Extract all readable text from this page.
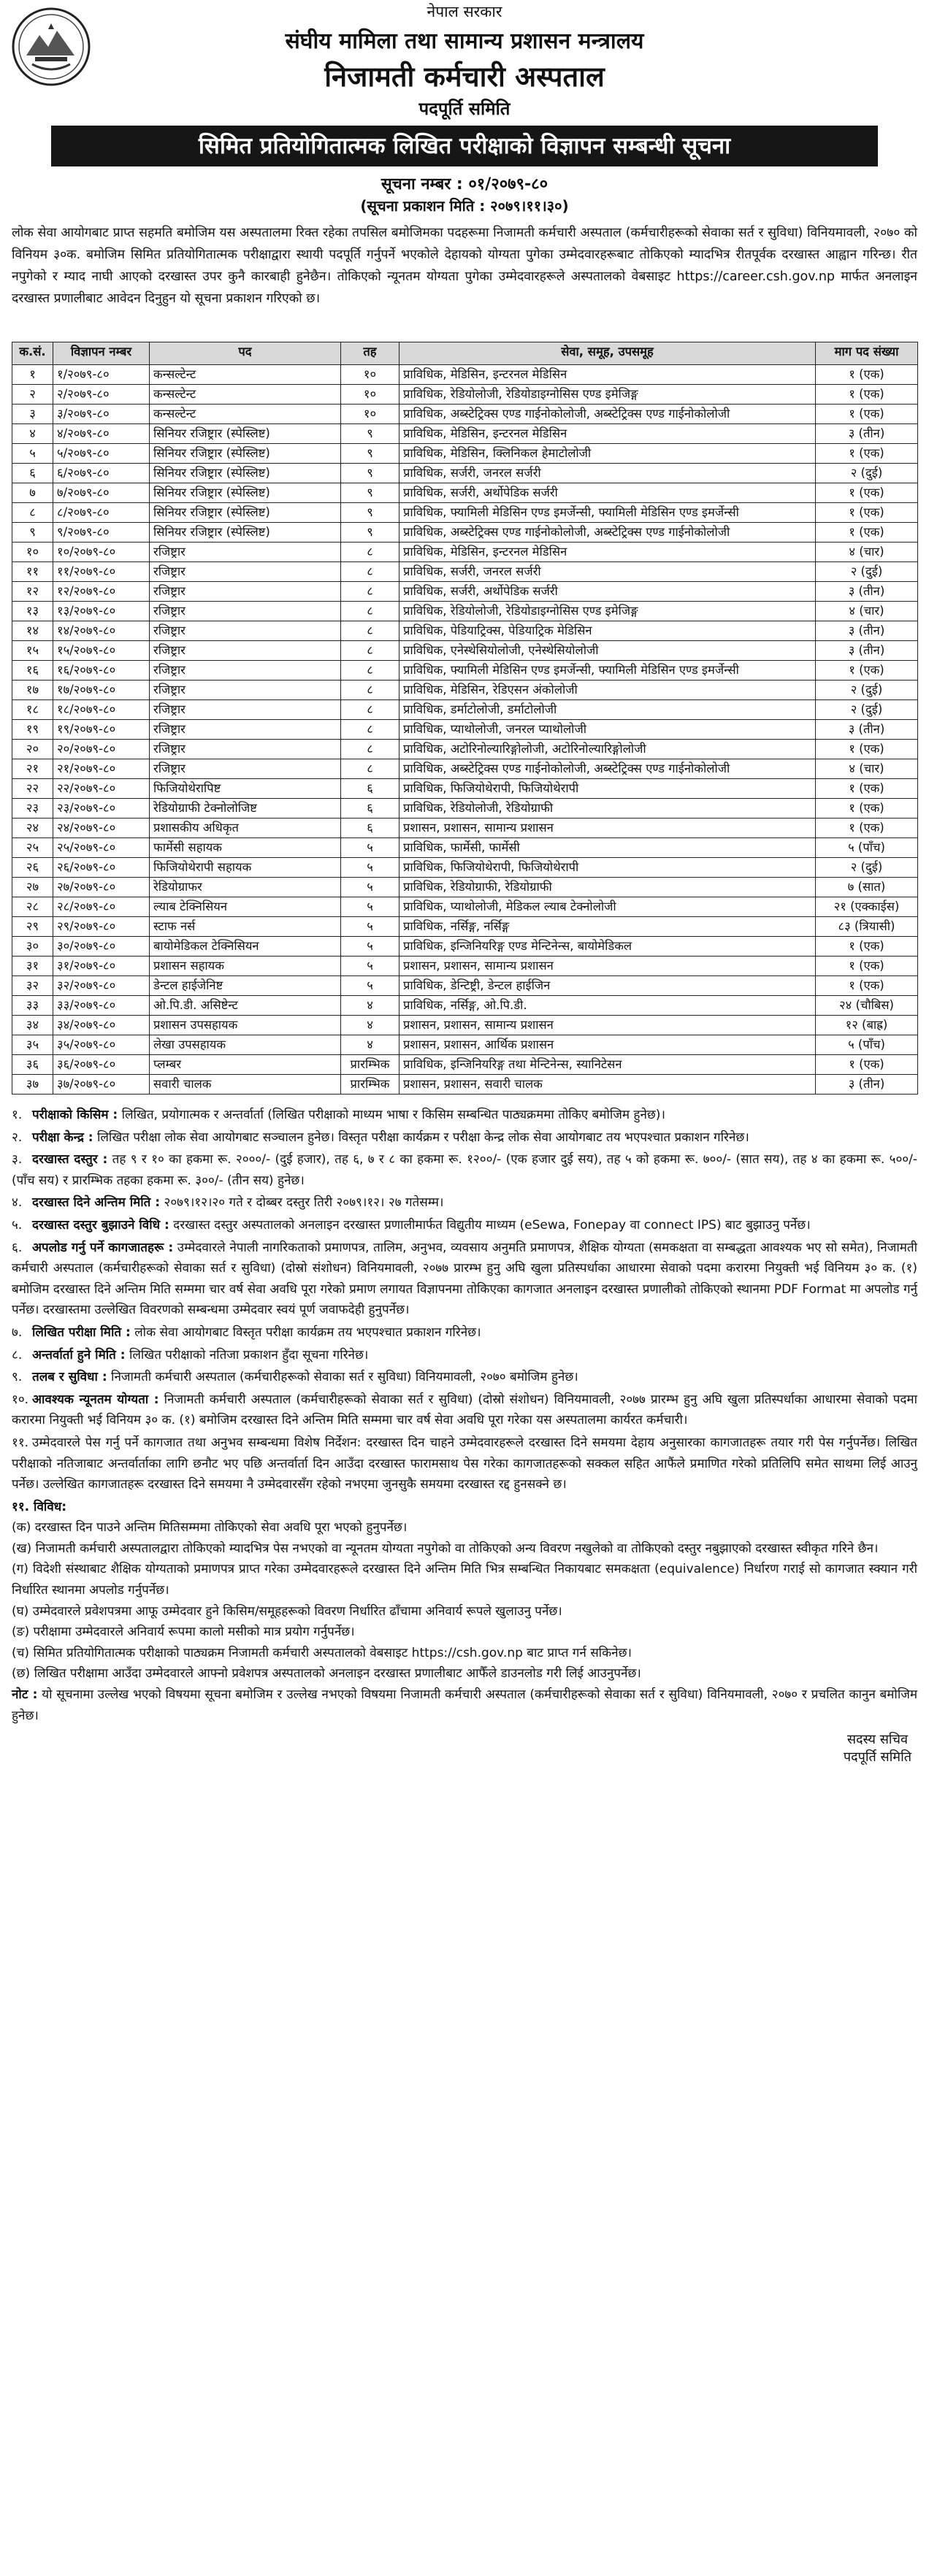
नेपाल सरकार
संघीय मामिला तथा सामान्य प्रशासन मन्त्रालय
निजामती कर्मचारी अस्पताल
पदपूर्ति समिति
सिमित प्रतियोगितात्मक लिखित परीक्षाको विज्ञापन सम्बन्धी सूचना
सूचना नम्बर : ०१/२०७९-८०
(सूचना प्रकाशन मिति : २०७९।११।३०)
लोक सेवा आयोगबाट प्राप्त सहमति बमोजिम यस अस्पतालमा रिक्त रहेका तपसिल बमोजिमका पदहरूमा निजामती कर्मचारी अस्पताल (कर्मचारीहरूको सेवाका सर्त र सुविधा) विनियमावली, २०७० को विनियम ३०क. बमोजिम सिमित प्रतियोगितात्मक परीक्षाद्वारा स्थायी पदपूर्ति गर्नुपर्ने भएकोले देहायको योग्यता पुगेका उम्मेदवारहरूबाट तोकिएको म्यादभित्र रीतपूर्वक दरखास्त आह्वान गरिन्छ। रीत नपुगेको र म्याद नाघी आएको दरखास्त उपर कुनै कारबाही हुनेछैन। तोकिएको न्यूनतम योग्यता पुगेका उम्मेदवारहरूले अस्पतालको वेबसाइट https://career.csh.gov.np मार्फत अनलाइन दरखास्त प्रणालीबाट आवेदन दिनुहुन यो सूचना प्रकाशन गरिएको छ।
क.सं.	विज्ञापन नम्बर	पद	तह	सेवा, समूह, उपसमूह	माग पद संख्या
१	१/२०७९-८०	कन्सल्टेन्ट	१०	प्राविधिक, मेडिसिन, इन्टरनल मेडिसिन	१ (एक)
२	२/२०७९-८०	कन्सल्टेन्ट	१०	प्राविधिक, रेडियोलोजी, रेडियोडाइग्नोसिस एण्ड इमेजिङ्ग	१ (एक)
३	३/२०७९-८०	कन्सल्टेन्ट	१०	प्राविधिक, अब्स्टेट्रिक्स एण्ड गाईनोकोलोजी, अब्स्टेट्रिक्स एण्ड गाईनोकोलोजी	१ (एक)
४	४/२०७९-८०	सिनियर रजिष्ट्रार (स्पेस्लिष्ट)	९	प्राविधिक, मेडिसिन, इन्टरनल मेडिसिन	३ (तीन)
५	५/२०७९-८०	सिनियर रजिष्ट्रार (स्पेस्लिष्ट)	९	प्राविधिक, मेडिसिन, क्लिनिकल हेमाटोलोजी	१ (एक)
६	६/२०७९-८०	सिनियर रजिष्ट्रार (स्पेस्लिष्ट)	९	प्राविधिक, सर्जरी, जनरल सर्जरी	२ (दुई)
७	७/२०७९-८०	सिनियर रजिष्ट्रार (स्पेस्लिष्ट)	९	प्राविधिक, सर्जरी, अर्थोपेडिक सर्जरी	१ (एक)
८	८/२०७९-८०	सिनियर रजिष्ट्रार (स्पेस्लिष्ट)	९	प्राविधिक, फ्यामिली मेडिसिन एण्ड इमर्जेन्सी, फ्यामिली मेडिसिन एण्ड इमर्जेन्सी	१ (एक)
९	९/२०७९-८०	सिनियर रजिष्ट्रार (स्पेस्लिष्ट)	९	प्राविधिक, अब्स्टेट्रिक्स एण्ड गाईनोकोलोजी, अब्स्टेट्रिक्स एण्ड गाईनोकोलोजी	१ (एक)
१०	१०/२०७९-८०	रजिष्ट्रार	८	प्राविधिक, मेडिसिन, इन्टरनल मेडिसिन	४ (चार)
११	११/२०७९-८०	रजिष्ट्रार	८	प्राविधिक, सर्जरी, जनरल सर्जरी	२ (दुई)
१२	१२/२०७९-८०	रजिष्ट्रार	८	प्राविधिक, सर्जरी, अर्थोपेडिक सर्जरी	३ (तीन)
१३	१३/२०७९-८०	रजिष्ट्रार	८	प्राविधिक, रेडियोलोजी, रेडियोडाइग्नोसिस एण्ड इमेजिङ्ग	४ (चार)
१४	१४/२०७९-८०	रजिष्ट्रार	८	प्राविधिक, पेडियाट्रिक्स, पेडियाट्रिक मेडिसिन	३ (तीन)
१५	१५/२०७९-८०	रजिष्ट्रार	८	प्राविधिक, एनेस्थेसियोलोजी, एनेस्थेसियोलोजी	३ (तीन)
१६	१६/२०७९-८०	रजिष्ट्रार	८	प्राविधिक, फ्यामिली मेडिसिन एण्ड इमर्जेन्सी, फ्यामिली मेडिसिन एण्ड इमर्जेन्सी	१ (एक)
१७	१७/२०७९-८०	रजिष्ट्रार	८	प्राविधिक, मेडिसिन, रेडिएसन अंकोलोजी	२ (दुई)
१८	१८/२०७९-८०	रजिष्ट्रार	८	प्राविधिक, डर्माटोलोजी, डर्माटोलोजी	२ (दुई)
१९	१९/२०७९-८०	रजिष्ट्रार	८	प्राविधिक, प्याथोलोजी, जनरल प्याथोलोजी	३ (तीन)
२०	२०/२०७९-८०	रजिष्ट्रार	८	प्राविधिक, अटोरिनोल्यारिङ्गोलोजी, अटोरिनोल्यारिङ्गोलोजी	१ (एक)
२१	२१/२०७९-८०	रजिष्ट्रार	८	प्राविधिक, अब्स्टेट्रिक्स एण्ड गाईनोकोलोजी, अब्स्टेट्रिक्स एण्ड गाईनोकोलोजी	४ (चार)
२२	२२/२०७९-८०	फिजियोथेरापिष्ट	६	प्राविधिक, फिजियोथेरापी, फिजियोथेरापी	१ (एक)
२३	२३/२०७९-८०	रेडियोग्राफी टेक्नोलोजिष्ट	६	प्राविधिक, रेडियोलोजी, रेडियोग्राफी	१ (एक)
२४	२४/२०७९-८०	प्रशासकीय अधिकृत	६	प्रशासन, प्रशासन, सामान्य प्रशासन	१ (एक)
२५	२५/२०७९-८०	फार्मेसी सहायक	५	प्राविधिक, फार्मेसी, फार्मेसी	५ (पाँच)
२६	२६/२०७९-८०	फिजियोथेरापी सहायक	५	प्राविधिक, फिजियोथेरापी, फिजियोथेरापी	२ (दुई)
२७	२७/२०७९-८०	रेडियोग्राफर	५	प्राविधिक, रेडियोग्राफी, रेडियोग्राफी	७ (सात)
२८	२८/२०७९-८०	ल्याब टेक्निसियन	५	प्राविधिक, प्याथोलोजी, मेडिकल ल्याब टेक्नोलोजी	२१ (एक्काईस)
२९	२९/२०७९-८०	स्टाफ नर्स	५	प्राविधिक, नर्सिङ्ग, नर्सिङ्ग	८३ (त्रियासी)
३०	३०/२०७९-८०	बायोमेडिकल टेक्निसियन	५	प्राविधिक, इन्जिनियरिङ्ग एण्ड मेन्टिनेन्स, बायोमेडिकल	१ (एक)
३१	३१/२०७९-८०	प्रशासन सहायक	५	प्रशासन, प्रशासन, सामान्य प्रशासन	१ (एक)
३२	३२/२०७९-८०	डेन्टल हाईजेनिष्ट	५	प्राविधिक, डेन्टिष्ट्री, डेन्टल हाईजिन	१ (एक)
३३	३३/२०७९-८०	ओ.पि.डी. असिष्टेन्ट	४	प्राविधिक, नर्सिङ्ग, ओ.पि.डी.	२४ (चौबिस)
३४	३४/२०७९-८०	प्रशासन उपसहायक	४	प्रशासन, प्रशासन, सामान्य प्रशासन	१२ (बाह्र)
३५	३५/२०७९-८०	लेखा उपसहायक	४	प्रशासन, प्रशासन, आर्थिक प्रशासन	५ (पाँच)
३६	३६/२०७९-८०	प्लम्बर	प्रारम्भिक	प्राविधिक, इन्जिनियरिङ्ग तथा मेन्टिनेन्स, स्यानिटेसन	१ (एक)
३७	३७/२०७९-८०	सवारी चालक	प्रारम्भिक	प्रशासन, प्रशासन, सवारी चालक	३ (तीन)
१. परीक्षाको किसिम : लिखित, प्रयोगात्मक र अन्तर्वार्ता (लिखित परीक्षाको माध्यम भाषा र किसिम सम्बन्धित पाठ्यक्रममा तोकिए बमोजिम हुनेछ)।
२. परीक्षा केन्द्र : लिखित परीक्षा लोक सेवा आयोगबाट सञ्चालन हुनेछ। विस्तृत परीक्षा कार्यक्रम र परीक्षा केन्द्र लोक सेवा आयोगबाट तय भएपश्चात प्रकाशन गरिनेछ।
३. दरखास्त दस्तुर : तह ९ र १० का हकमा रू. २०००/- (दुई हजार), तह ६, ७ र ८ का हकमा रू. १२००/- (एक हजार दुई सय), तह ५ को हकमा रू. ७००/- (सात सय), तह ४ का हकमा रू. ५००/- (पाँच सय) र प्रारम्भिक तहका हकमा रू. ३००/- (तीन सय) हुनेछ।
४. दरखास्त दिने अन्तिम मिति : २०७९।१२।२० गते र दोब्बर दस्तुर तिरी २०७९।१२। २७ गतेसम्म।
५. दरखास्त दस्तुर बुझाउने विधि : दरखास्त दस्तुर अस्पतालको अनलाइन दरखास्त प्रणालीमार्फत विद्युतीय माध्यम (eSewa, Fonepay वा connect IPS) बाट बुझाउनु पर्नेछ।
६. अपलोड गर्नु पर्ने कागजातहरू : उम्मेदवारले नेपाली नागरिकताको प्रमाणपत्र, तालिम, अनुभव, व्यवसाय अनुमति प्रमाणपत्र, शैक्षिक योग्यता (समकक्षता वा सम्बद्धता आवश्यक भए सो समेत), निजामती कर्मचारी अस्पताल (कर्मचारीहरूको सेवाका सर्त र सुविधा) (दोस्रो संशोधन) विनियमावली, २०७७ प्रारम्भ हुनु अघि खुला प्रतिस्पर्धाका आधारमा सेवाको पदमा करारमा नियुक्ती भई विनियम ३० क. (१) बमोजिम दरखास्त दिने अन्तिम मिति सम्ममा चार वर्ष सेवा अवधि पूरा गरेको प्रमाण लगायत विज्ञापनमा तोकिएका कागजात अनलाइन दरखास्त प्रणालीको तोकिएको स्थानमा PDF Format मा अपलोड गर्नु पर्नेछ। दरखास्तमा उल्लेखित विवरणको सम्बन्धमा उम्मेदवार स्वयं पूर्ण जवाफदेही हुनुपर्नेछ।
७. लिखित परीक्षा मिति : लोक सेवा आयोगबाट विस्तृत परीक्षा कार्यक्रम तय भएपश्चात प्रकाशन गरिनेछ।
८. अन्तर्वार्ता हुने मिति : लिखित परीक्षाको नतिजा प्रकाशन हुँदा सूचना गरिनेछ।
९. तलब र सुविधा : निजामती कर्मचारी अस्पताल (कर्मचारीहरूको सेवाका सर्त र सुविधा) विनियमावली, २०७० बमोजिम हुनेछ।
१०. आवश्यक न्यूनतम योग्यता : निजामती कर्मचारी अस्पताल (कर्मचारीहरूको सेवाका सर्त र सुविधा) (दोस्रो संशोधन) विनियमावली, २०७७ प्रारम्भ हुनु अघि खुला प्रतिस्पर्धाका आधारमा सेवाको पदमा करारमा नियुक्ती भई विनियम ३० क. (१) बमोजिम दरखास्त दिने अन्तिम मिति सम्ममा चार वर्ष सेवा अवधि पूरा गरेका यस अस्पतालमा कार्यरत कर्मचारी।
११. उम्मेदवारले पेस गर्नु पर्ने कागजात तथा अनुभव सम्बन्धमा विशेष निर्देशन: दरखास्त दिन चाहने उम्मेदवारहरूले दरखास्त दिने समयमा देहाय अनुसारका कागजातहरू तयार गरी पेस गर्नुपर्नेछ। लिखित परीक्षाको नतिजाबाट अन्तर्वार्ताका लागि छनौट भए पछि अन्तर्वार्ता दिन आउँदा दरखास्त फारामसाथ पेस गरेका कागजातहरूको सक्कल सहित आफैंले प्रमाणित गरेको प्रतिलिपि समेत साथमा लिई आउनु पर्नेछ। उल्लेखित कागजातहरू दरखास्त दिने समयमा नै उम्मेदवारसँग रहेको नभएमा जुनसुकै समयमा दरखास्त रद्द हुनसक्ने छ।
११. विविध:
(क) दरखास्त दिन पाउने अन्तिम मितिसम्ममा तोकिएको सेवा अवधि पूरा भएको हुनुपर्नेछ।
(ख) निजामती कर्मचारी अस्पतालद्वारा तोकिएको म्यादभित्र पेस नभएको वा न्यूनतम योग्यता नपुगेको वा तोकिएको अन्य विवरण नखुलेको वा तोकिएको दस्तुर नबुझाएको दरखास्त स्वीकृत गरिने छैन।
(ग) विदेशी संस्थाबाट शैक्षिक योग्यताको प्रमाणपत्र प्राप्त गरेका उम्मेदवारहरूले दरखास्त दिने अन्तिम मिति भित्र सम्बन्धित निकायबाट समकक्षता (equivalence) निर्धारण गराई सो कागजात स्क्यान गरी निर्धारित स्थानमा अपलोड गर्नुपर्नेछ।
(घ) उम्मेदवारले प्रवेशपत्रमा आफू उम्मेदवार हुने किसिम/समूहहरूको विवरण निर्धारित ढाँचामा अनिवार्य रूपले खुलाउनु पर्नेछ।
(ङ) परीक्षामा उम्मेदवारले अनिवार्य रूपमा कालो मसीको मात्र प्रयोग गर्नुपर्नेछ।
(च) सिमित प्रतियोगितात्मक परीक्षाको पाठ्यक्रम निजामती कर्मचारी अस्पतालको वेबसाइट https://csh.gov.np बाट प्राप्त गर्न सकिनेछ।
(छ) लिखित परीक्षामा आउँदा उम्मेदवारले आफ्नो प्रवेशपत्र अस्पतालको अनलाइन दरखास्त प्रणालीबाट आफैँले डाउनलोड गरी लिई आउनुपर्नेछ।
नोट : यो सूचनामा उल्लेख भएको विषयमा सूचना बमोजिम र उल्लेख नभएको विषयमा निजामती कर्मचारी अस्पताल (कर्मचारीहरूको सेवाका सर्त र सुविधा) विनियमावली, २०७० र प्रचलित कानुन बमोजिम हुनेछ।
सदस्य सचिव
पदपूर्ति समिति
